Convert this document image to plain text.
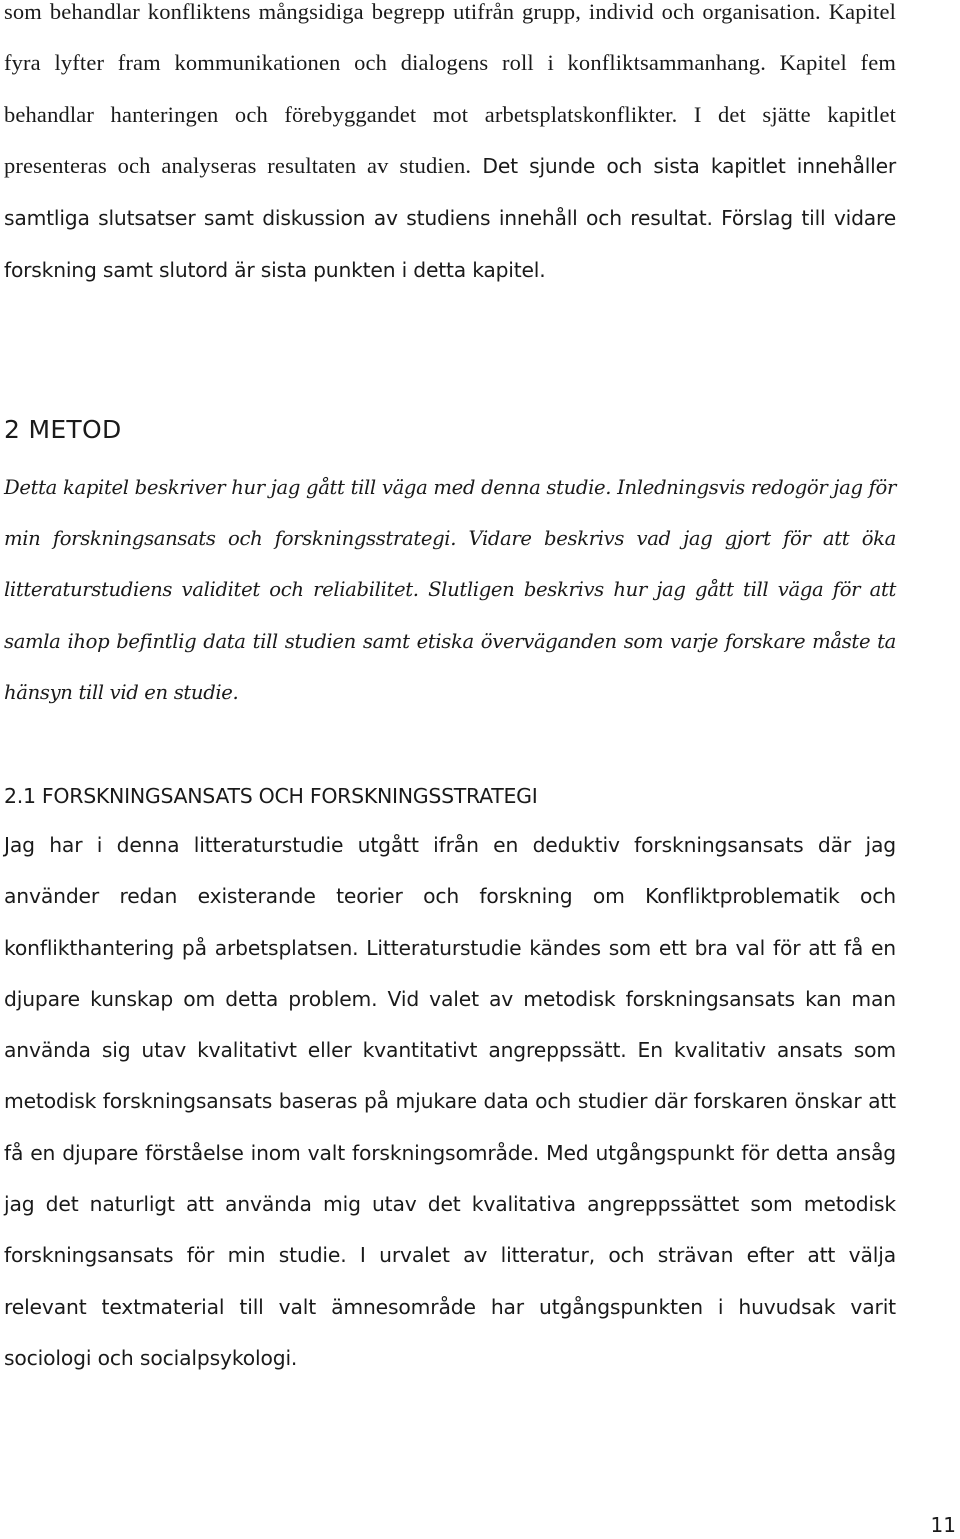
som behandlar konfliktens mångsidiga begrepp utifrån grupp, individ och organisation. Kapitel fyra lyfter fram kommunikationen och dialogens roll i konfliktsammanhang. Kapitel fem behandlar hanteringen och förebyggandet mot arbetsplatskonflikter. I det sjätte kapitlet presenteras och analyseras resultaten av studien. Det sjunde och sista kapitlet innehåller samtliga slutsatser samt diskussion av studiens innehåll och resultat. Förslag till vidare forskning samt slutord är sista punkten i detta kapitel.

2 METOD

Detta kapitel beskriver hur jag gått till väga med denna studie. Inledningsvis redogör jag för min forskningsansats och forskningsstrategi. Vidare beskrivs vad jag gjort för att öka litteraturstudiens validitet och reliabilitet. Slutligen beskrivs hur jag gått till väga för att samla ihop befintlig data till studien samt etiska överväganden som varje forskare måste ta hänsyn till vid en studie.

2.1 FORSKNINGSANSATS OCH FORSKNINGSSTRATEGI

Jag har i denna litteraturstudie utgått ifrån en deduktiv forskningsansats där jag använder redan existerande teorier och forskning om Konfliktproblematik och konflikthantering på arbetsplatsen. Litteraturstudie kändes som ett bra val för att få en djupare kunskap om detta problem. Vid valet av metodisk forskningsansats kan man använda sig utav kvalitativt eller kvantitativt angreppssätt. En kvalitativ ansats som metodisk forskningsansats baseras på mjukare data och studier där forskaren önskar att få en djupare förståelse inom valt forskningsområde. Med utgångspunkt för detta ansåg jag det naturligt att använda mig utav det kvalitativa angreppssättet som metodisk forskningsansats för min studie. I urvalet av litteratur, och strävan efter att välja relevant textmaterial till valt ämnesområde har utgångspunkten i huvudsak varit sociologi och socialpsykologi.

11
